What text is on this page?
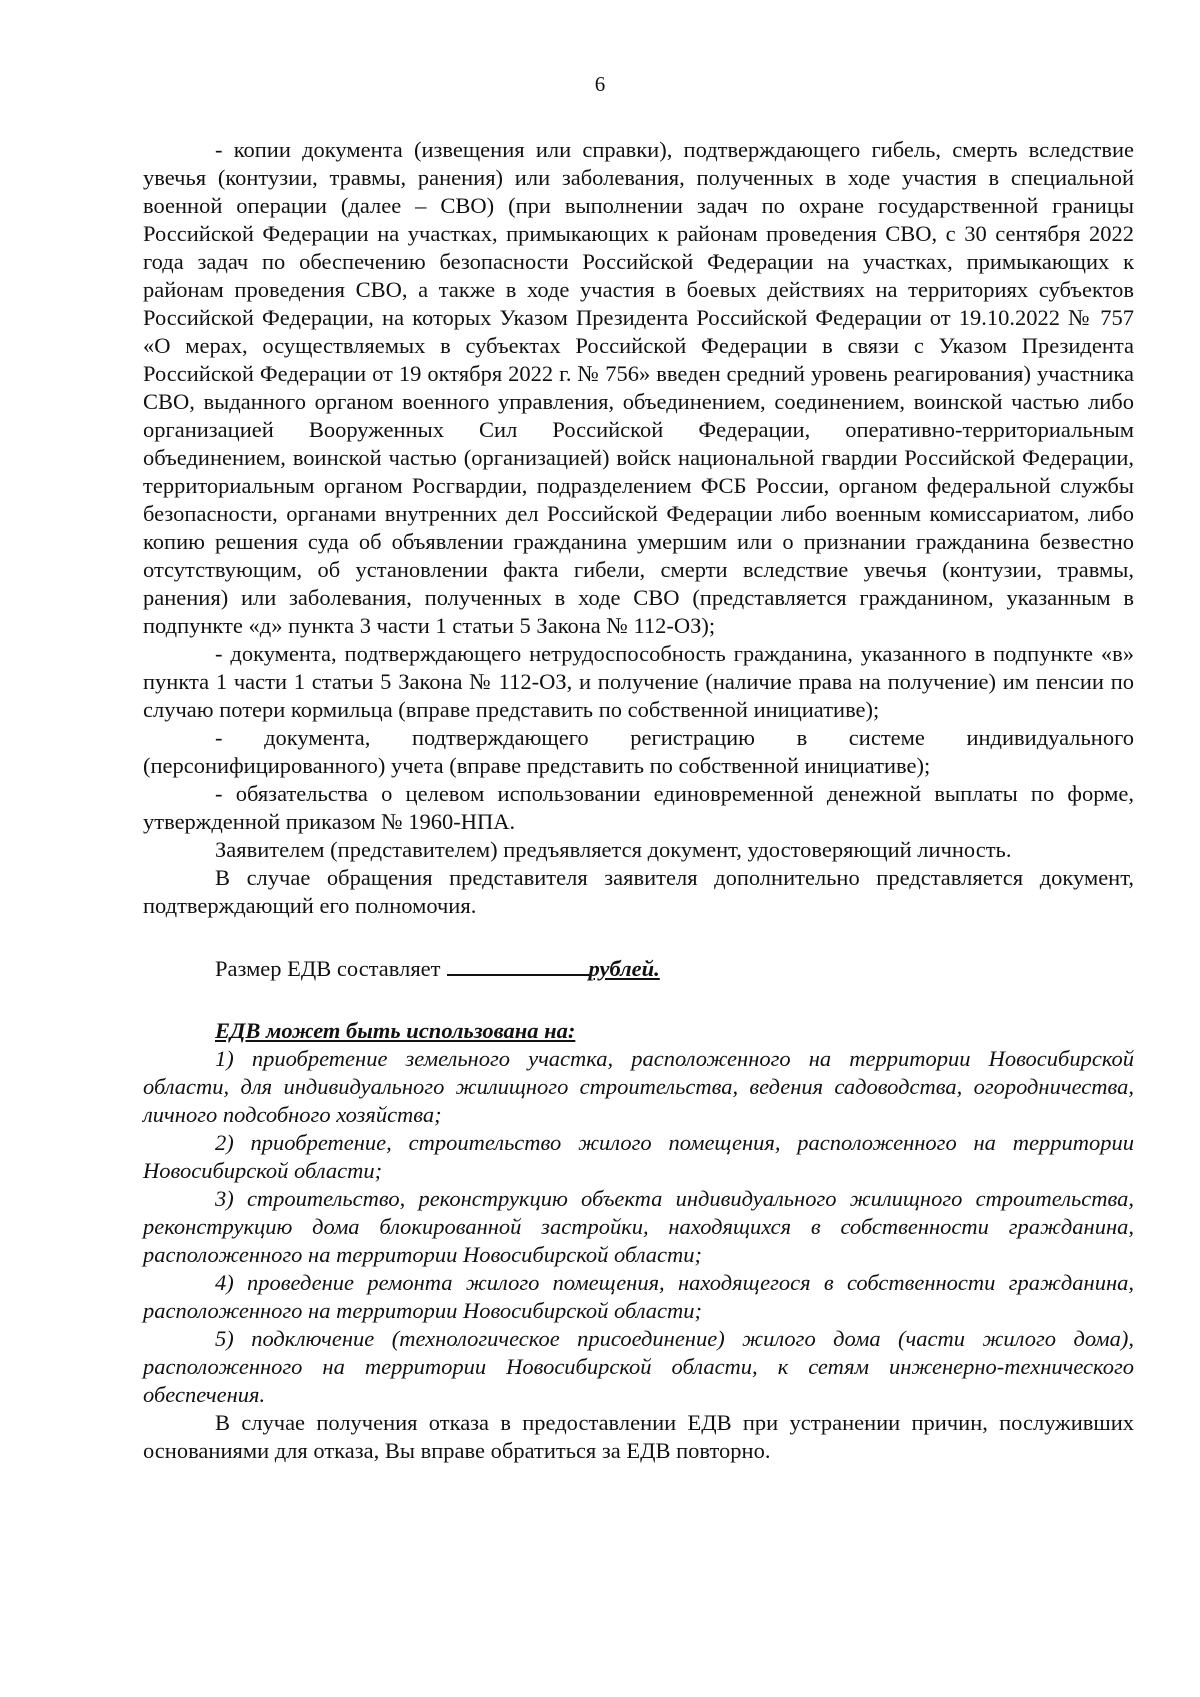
6

- копии документа (извещения или справки), подтверждающего гибель, смерть вследствие увечья (контузии, травмы, ранения) или заболевания, полученных в ходе участия в специальной военной операции (далее – СВО) (при выполнении задач по охране государственной границы Российской Федерации на участках, примыкающих к районам проведения СВО, с 30 сентября 2022 года задач по обеспечению безопасности Российской Федерации на участках, примыкающих к районам проведения СВО, а также в ходе участия в боевых действиях на территориях субъектов Российской Федерации, на которых Указом Президента Российской Федерации от 19.10.2022 № 757 «О мерах, осуществляемых в субъектах Российской Федерации в связи с Указом Президента Российской Федерации от 19 октября 2022 г. № 756» введен средний уровень реагирования) участника СВО, выданного органом военного управления, объединением, соединением, воинской частью либо организацией Вооруженных Сил Российской Федерации, оперативно-территориальным объединением, воинской частью (организацией) войск национальной гвардии Российской Федерации, территориальным органом Росгвардии, подразделением ФСБ России, органом федеральной службы безопасности, органами внутренних дел Российской Федерации либо военным комиссариатом, либо копию решения суда об объявлении гражданина умершим или о признании гражданина безвестно отсутствующим, об установлении факта гибели, смерти вследствие увечья (контузии, травмы, ранения) или заболевания, полученных в ходе СВО (представляется гражданином, указанным в подпункте «д» пункта 3 части 1 статьи 5 Закона № 112-ОЗ);

- документа, подтверждающего нетрудоспособность гражданина, указанного в подпункте «в» пункта 1 части 1 статьи 5 Закона № 112-ОЗ, и получение (наличие права на получение) им пенсии по случаю потери кормильца (вправе представить по собственной инициативе);

- документа, подтверждающего регистрацию в системе индивидуального (персонифицированного) учета (вправе представить по собственной инициативе);

- обязательства о целевом использовании единовременной денежной выплаты по форме, утвержденной приказом № 1960-НПА.

Заявителем (представителем) предъявляется документ, удостоверяющий личность.

В случае обращения представителя заявителя дополнительно представляется документ, подтверждающий его полномочия.

Размер ЕДВ составляет	рублей.

ЕДВ может быть использована на:

1) приобретение земельного участка, расположенного на территории Новосибирской области, для индивидуального жилищного строительства, ведения садоводства, огородничества, личного подсобного хозяйства;

2) приобретение, строительство жилого помещения, расположенного на территории Новосибирской области;

3) строительство, реконструкцию объекта индивидуального жилищного строительства, реконструкцию дома блокированной застройки, находящихся в собственности гражданина, расположенного на территории Новосибирской области;

4) проведение ремонта жилого помещения, находящегося в собственности гражданина, расположенного на территории Новосибирской области;

5) подключение (технологическое присоединение) жилого дома (части жилого дома), расположенного на территории Новосибирской области, к сетям инженерно-технического обеспечения.

В случае получения отказа в предоставлении ЕДВ при устранении причин, послуживших основаниями для отказа, Вы вправе обратиться за ЕДВ повторно.
